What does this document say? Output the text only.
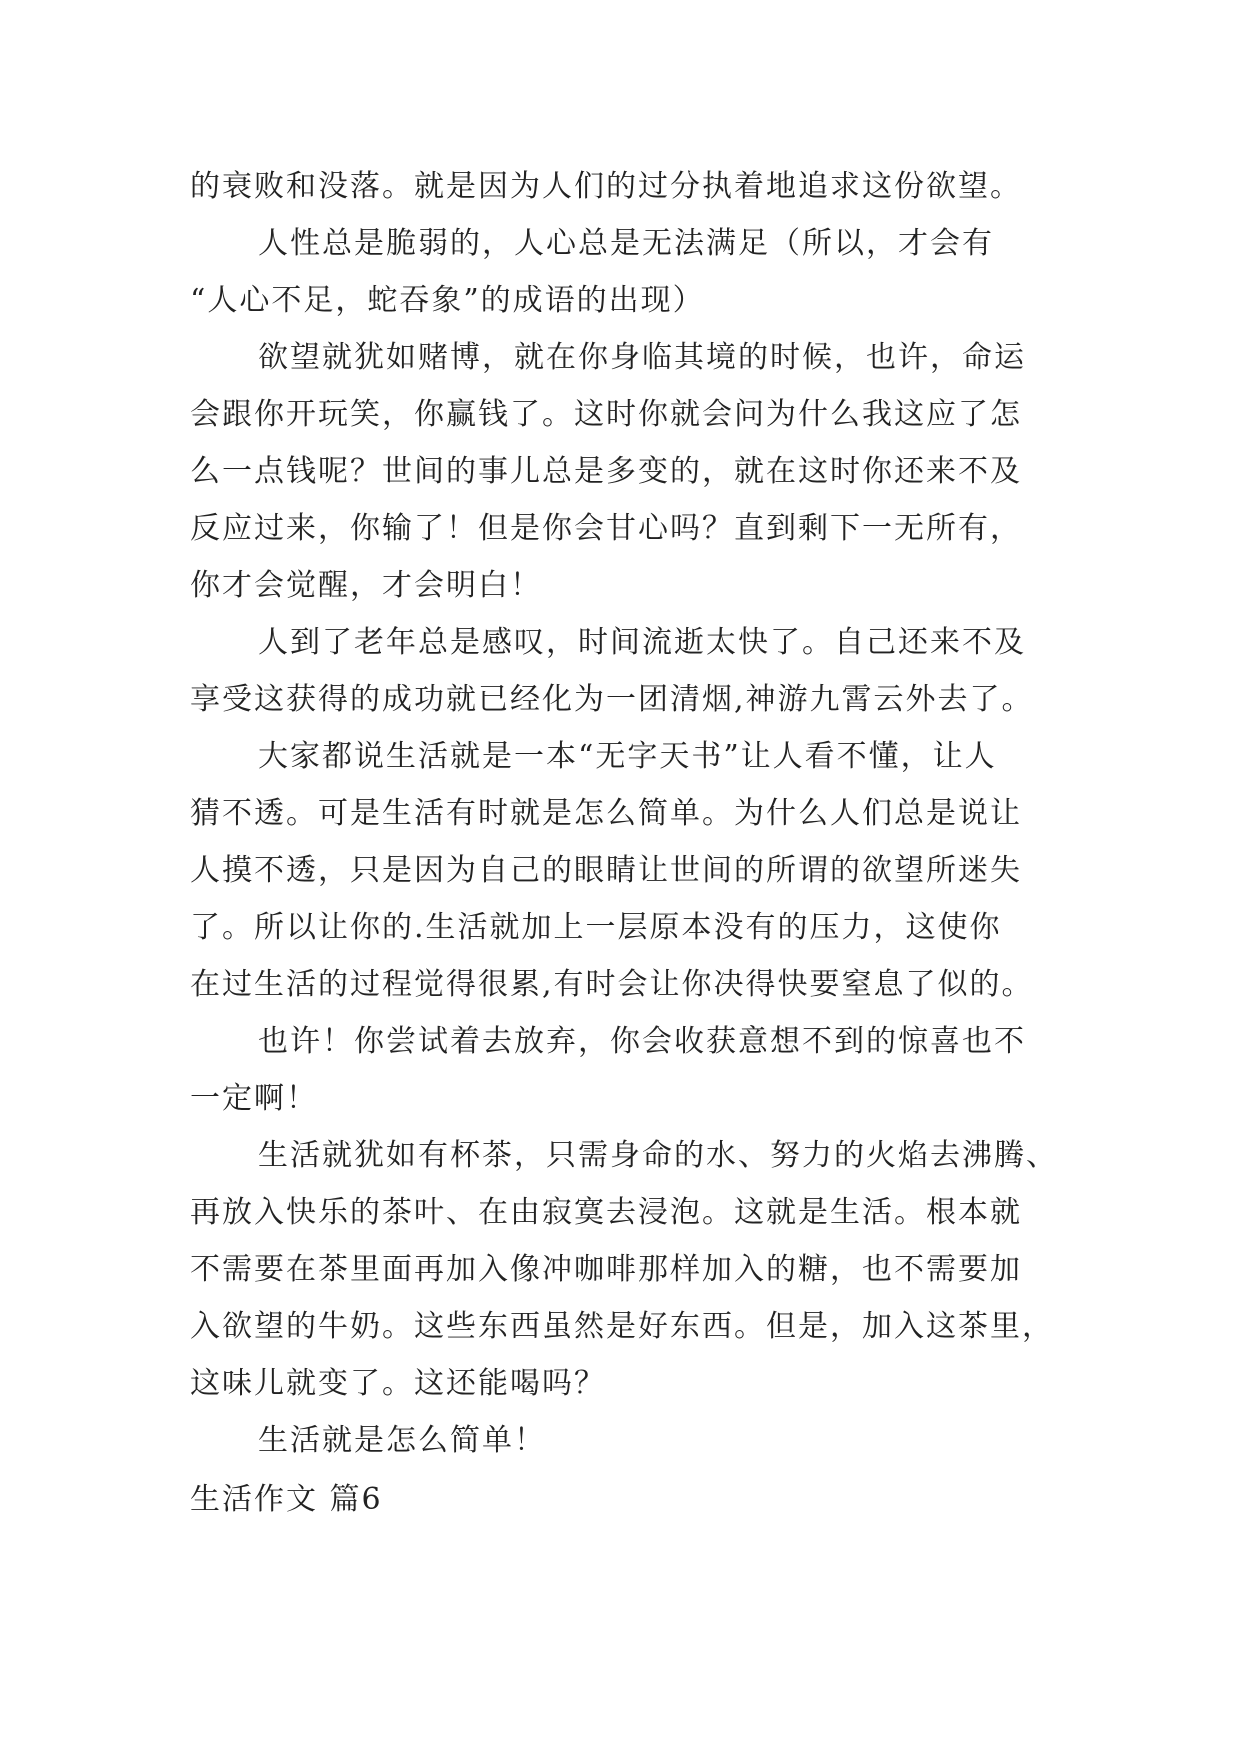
的衰败和没落。就是因为人们的过分执着地追求这份欲望。
人性总是脆弱的，人心总是无法满足（所以，才会有
“人心不足，蛇吞象”的成语的出现）
欲望就犹如赌博，就在你身临其境的时候，也许，命运
会跟你开玩笑，你赢钱了。这时你就会问为什么我这应了怎
么一点钱呢？世间的事儿总是多变的，就在这时你还来不及
反应过来，你输了！但是你会甘心吗？直到剩下一无所有，
你才会觉醒，才会明白！
人到了老年总是感叹，时间流逝太快了。自己还来不及
享受这获得的成功就已经化为一团清烟,神游九霄云外去了。
大家都说生活就是一本“无字天书”让人看不懂，让人
猜不透。可是生活有时就是怎么简单。为什么人们总是说让
人摸不透，只是因为自己的眼睛让世间的所谓的欲望所迷失
了。所以让你的.生活就加上一层原本没有的压力，这使你
在过生活的过程觉得很累,有时会让你决得快要窒息了似的。
也许！你尝试着去放弃，你会收获意想不到的惊喜也不
一定啊！
生活就犹如有杯茶，只需身命的水、努力的火焰去沸腾、
再放入快乐的茶叶、在由寂寞去浸泡。这就是生活。根本就
不需要在茶里面再加入像冲咖啡那样加入的糖，也不需要加
入欲望的牛奶。这些东西虽然是好东西。但是，加入这茶里，
这味儿就变了。这还能喝吗？
生活就是怎么简单！
生活作文 篇6
